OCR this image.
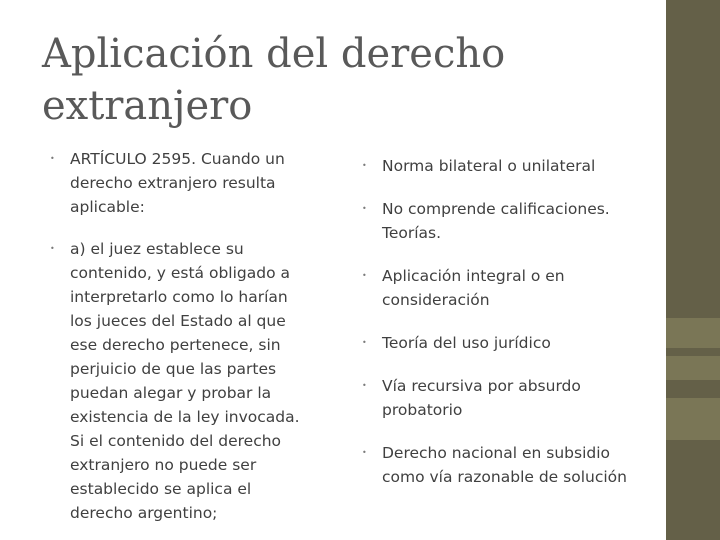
Aplicación del derecho extranjero
• ARTÍCULO 2595. Cuando un derecho extranjero resulta aplicable:
• a) el juez establece su contenido, y está obligado a interpretarlo como lo harían los jueces del Estado al que ese derecho pertenece, sin perjuicio de que las partes puedan alegar y probar la existencia de la ley invocada. Si el contenido del derecho extranjero no puede ser establecido se aplica el derecho argentino;
• Norma bilateral o unilateral
• No comprende calificaciones. Teorías.
• Aplicación integral o en consideración
• Teoría del uso jurídico
• Vía recursiva por absurdo probatorio
• Derecho nacional en subsidio como vía razonable de solución
